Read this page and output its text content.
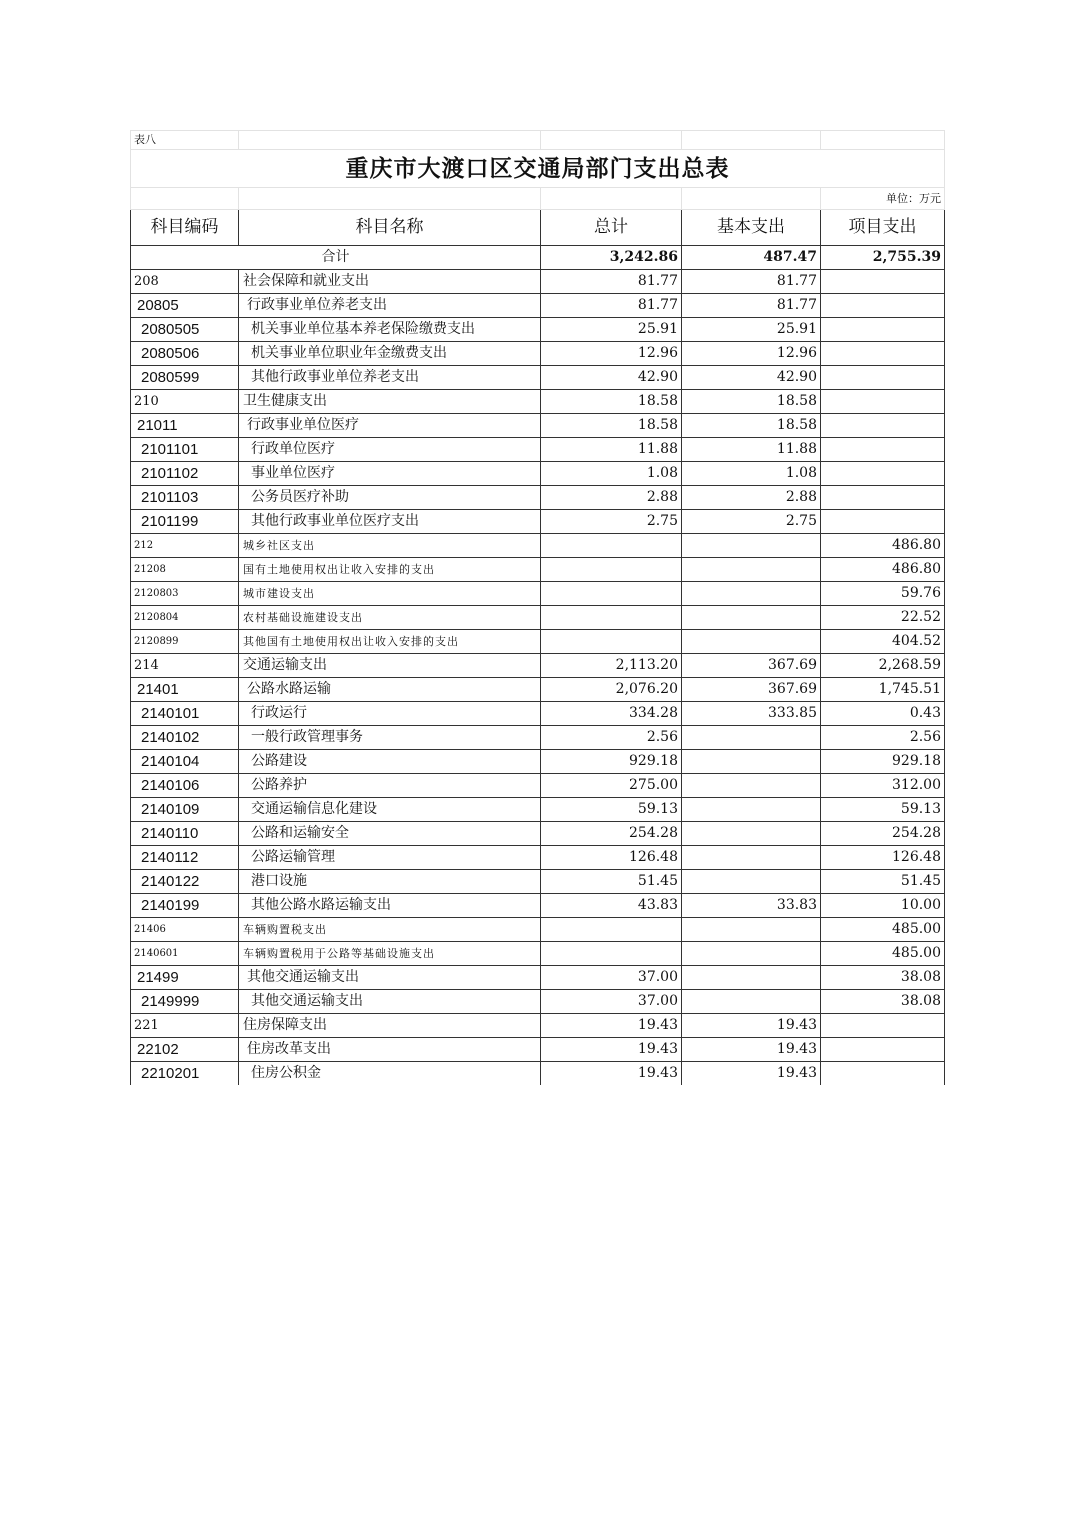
表八				
重庆市大渡口区交通局部门支出总表				
				单位：万元
科目编码	科目名称	总计	基本支出	项目支出
合计		3,242.86	487.47	2,755.39
208	社会保障和就业支出	81.77	81.77	
20805	行政事业单位养老支出	81.77	81.77	
2080505	机关事业单位基本养老保险缴费支出	25.91	25.91	
2080506	机关事业单位职业年金缴费支出	12.96	12.96	
2080599	其他行政事业单位养老支出	42.90	42.90	
210	卫生健康支出	18.58	18.58	
21011	行政事业单位医疗	18.58	18.58	
2101101	行政单位医疗	11.88	11.88	
2101102	事业单位医疗	1.08	1.08	
2101103	公务员医疗补助	2.88	2.88	
2101199	其他行政事业单位医疗支出	2.75	2.75	
212	城乡社区支出			486.80
21208	国有土地使用权出让收入安排的支出			486.80
2120803	城市建设支出			59.76
2120804	农村基础设施建设支出			22.52
2120899	其他国有土地使用权出让收入安排的支出			404.52
214	交通运输支出	2,113.20	367.69	2,268.59
21401	公路水路运输	2,076.20	367.69	1,745.51
2140101	行政运行	334.28	333.85	0.43
2140102	一般行政管理事务	2.56		2.56
2140104	公路建设	929.18		929.18
2140106	公路养护	275.00		312.00
2140109	交通运输信息化建设	59.13		59.13
2140110	公路和运输安全	254.28		254.28
2140112	公路运输管理	126.48		126.48
2140122	港口设施	51.45		51.45
2140199	其他公路水路运输支出	43.83	33.83	10.00
21406	车辆购置税支出			485.00
2140601	车辆购置税用于公路等基础设施支出			485.00
21499	其他交通运输支出	37.00		38.08
2149999	其他交通运输支出	37.00		38.08
221	住房保障支出	19.43	19.43	
22102	住房改革支出	19.43	19.43	
2210201	住房公积金	19.43	19.43	
